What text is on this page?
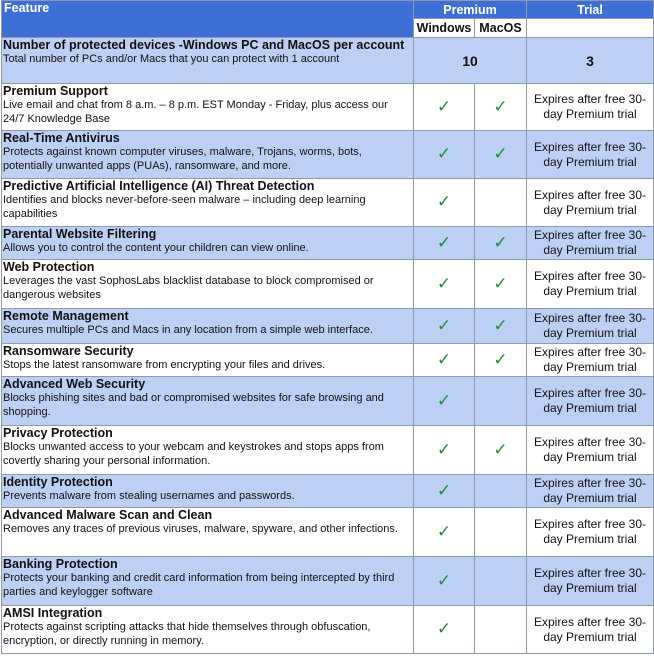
Feature	Premium		Trial
	Windows	MacOS	

Number of protected devices -Windows PC and MacOS per account
Total number of PCs and/or Macs that you can protect with 1 account	10		3

Premium Support
Live email and chat from 8 a.m. – 8 p.m. EST Monday - Friday, plus access our 24/7 Knowledge Base	✓	✓	Expires after free 30-day Premium trial

Real-Time Antivirus
Protects against known computer viruses, malware, Trojans, worms, bots, potentially unwanted apps (PUAs), ransomware, and more.	✓	✓	Expires after free 30-day Premium trial

Predictive Artificial Intelligence (AI) Threat Detection
Identifies and blocks never-before-seen malware – including deep learning capabilities	✓		Expires after free 30-day Premium trial

Parental Website Filtering
Allows you to control the content your children can view online.	✓	✓	Expires after free 30-day Premium trial

Web Protection
Leverages the vast SophosLabs blacklist database to block compromised or dangerous websites	✓	✓	Expires after free 30-day Premium trial

Remote Management
Secures multiple PCs and Macs in any location from a simple web interface.	✓	✓	Expires after free 30-day Premium trial

Ransomware Security
Stops the latest ransomware from encrypting your files and drives.	✓	✓	Expires after free 30-day Premium trial

Advanced Web Security
Blocks phishing sites and bad or compromised websites for safe browsing and shopping.	✓		Expires after free 30-day Premium trial

Privacy Protection
Blocks unwanted access to your webcam and keystrokes and stops apps from covertly sharing your personal information.	✓	✓	Expires after free 30-day Premium trial

Identity Protection
Prevents malware from stealing usernames and passwords.	✓		Expires after free 30-day Premium trial

Advanced Malware Scan and Clean
Removes any traces of previous viruses, malware, spyware, and other infections.	✓		Expires after free 30-day Premium trial

Banking Protection
Protects your banking and credit card information from being intercepted by third parties and keylogger software	✓		Expires after free 30-day Premium trial

AMSI Integration
Protects against scripting attacks that hide themselves through obfuscation, encryption, or directly running in memory.	✓		Expires after free 30-day Premium trial
